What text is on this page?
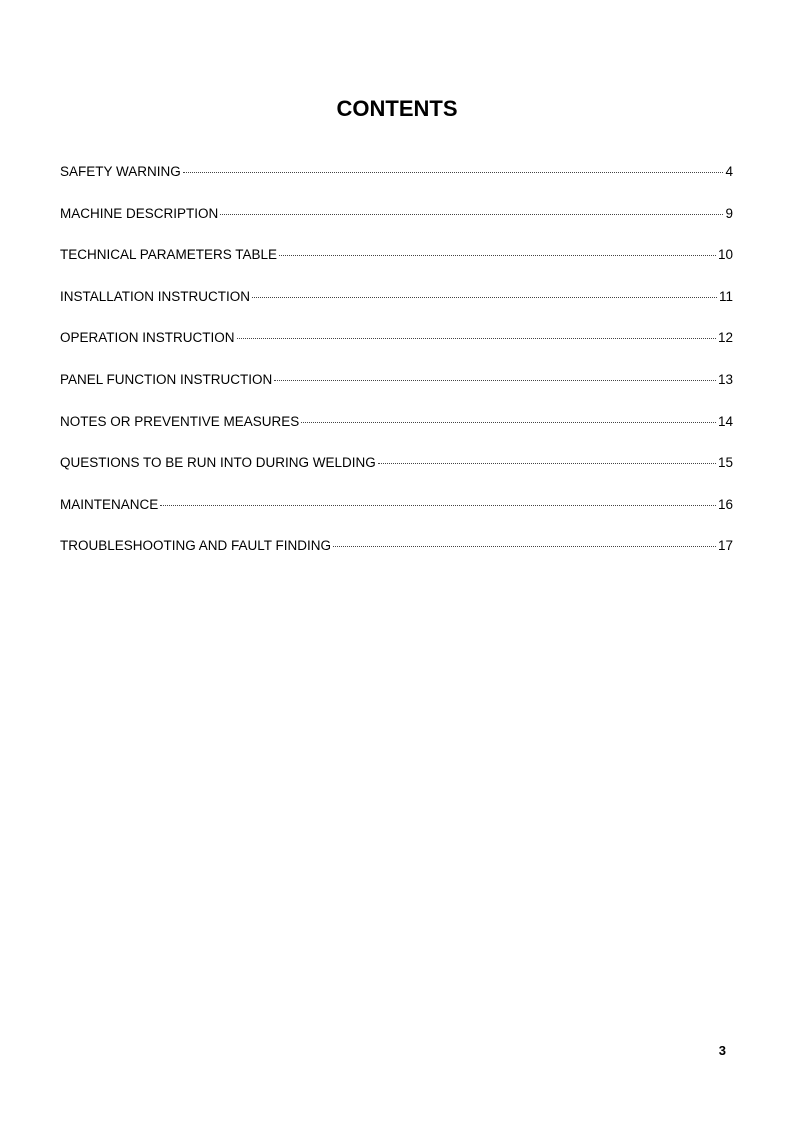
CONTENTS
SAFETY WARNING	4
MACHINE DESCRIPTION	9
TECHNICAL PARAMETERS TABLE	10
INSTALLATION INSTRUCTION	11
OPERATION INSTRUCTION	12
PANEL FUNCTION INSTRUCTION	13
NOTES OR PREVENTIVE MEASURES	14
QUESTIONS TO BE RUN INTO DURING WELDING	15
MAINTENANCE	16
TROUBLESHOOTING AND FAULT FINDING	17
3
